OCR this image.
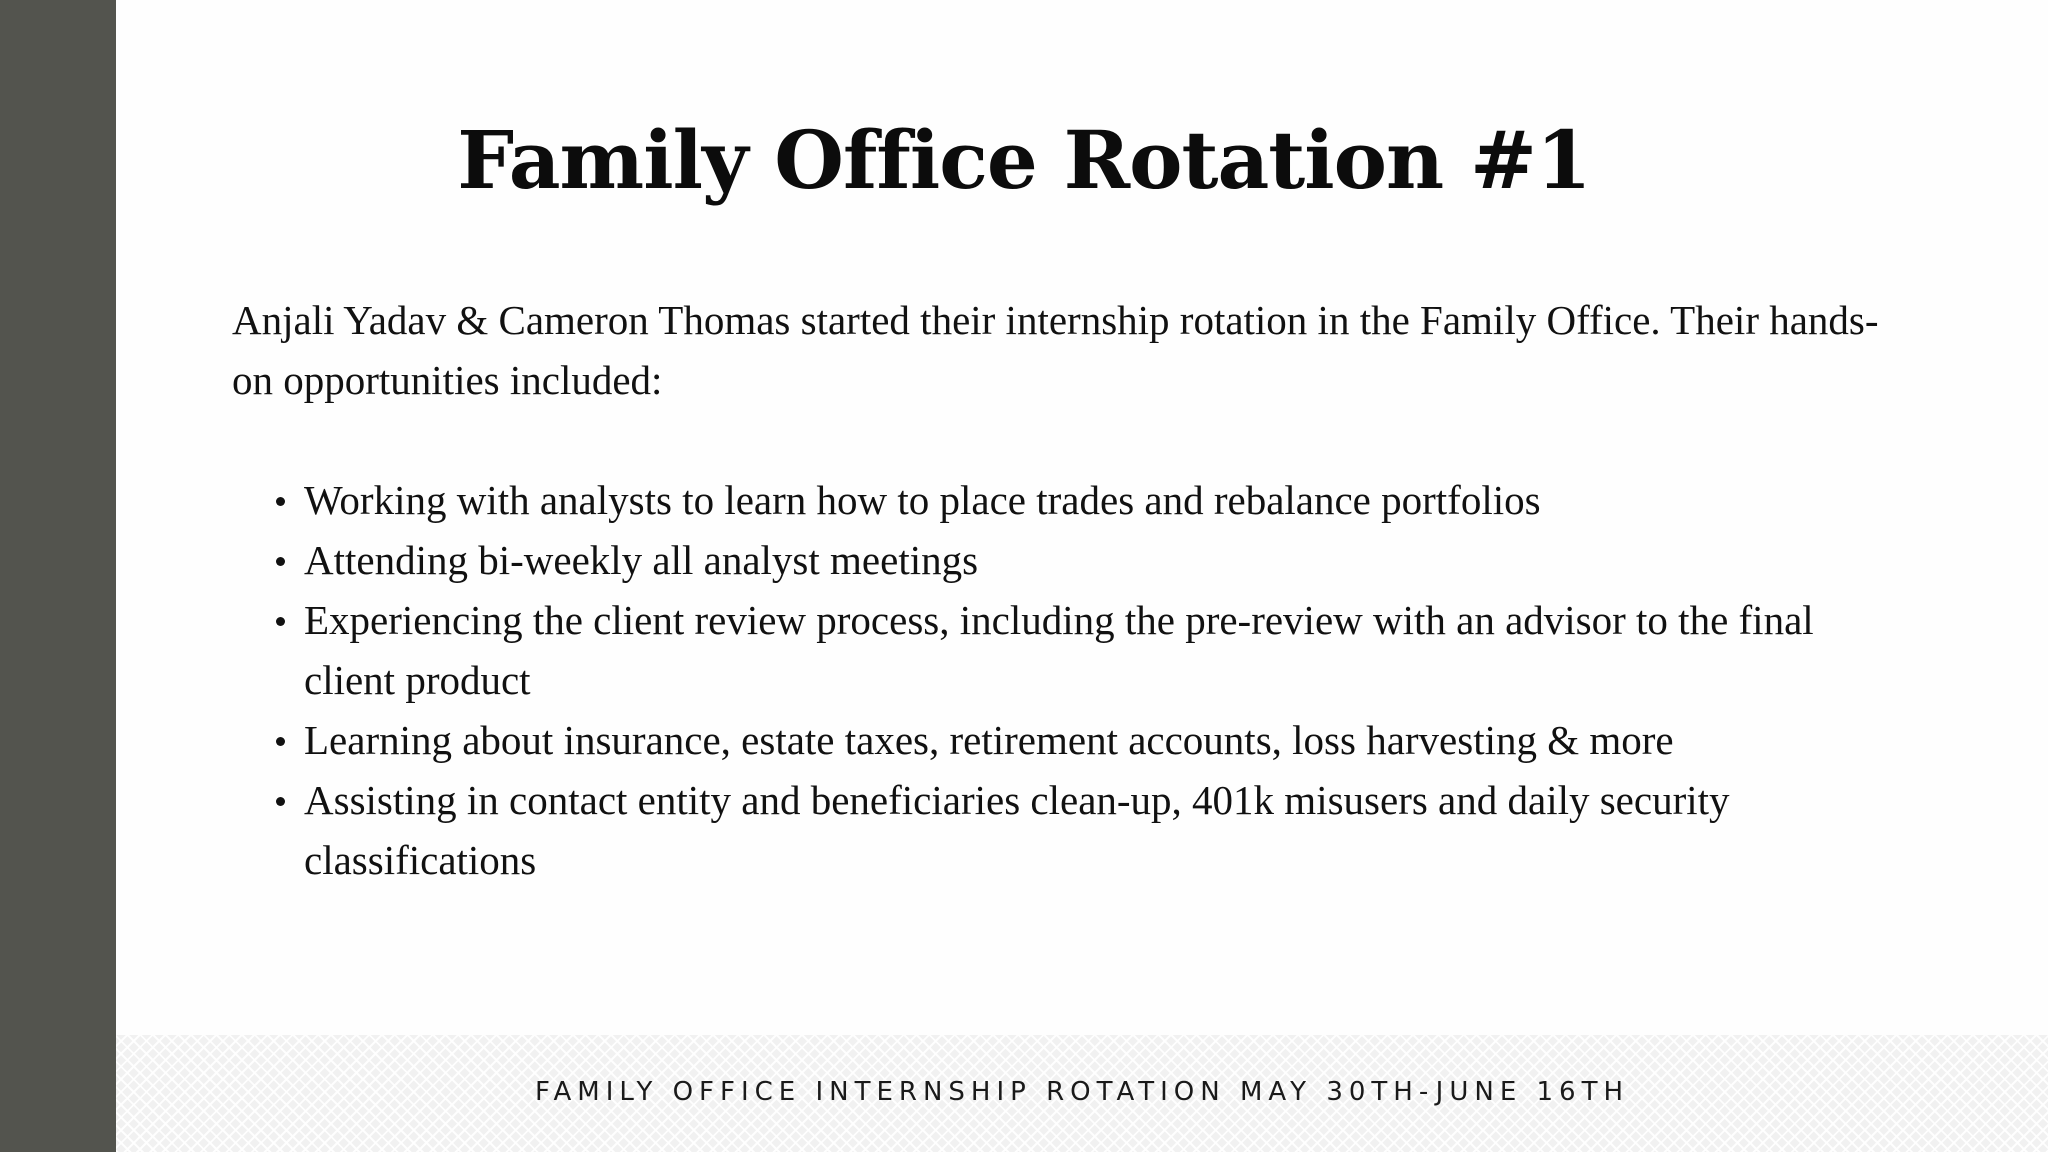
Family Office Rotation #1

Anjali Yadav & Cameron Thomas started their internship rotation in the Family Office. Their hands-on opportunities included:

Working with analysts to learn how to place trades and rebalance portfolios
Attending bi-weekly all analyst meetings
Experiencing the client review process, including the pre-review with an advisor to the final client product
Learning about insurance, estate taxes, retirement accounts, loss harvesting & more
Assisting in contact entity and beneficiaries clean-up, 401k misusers and daily security classifications
FAMILY OFFICE INTERNSHIP ROTATION MAY 30TH-JUNE 16TH
